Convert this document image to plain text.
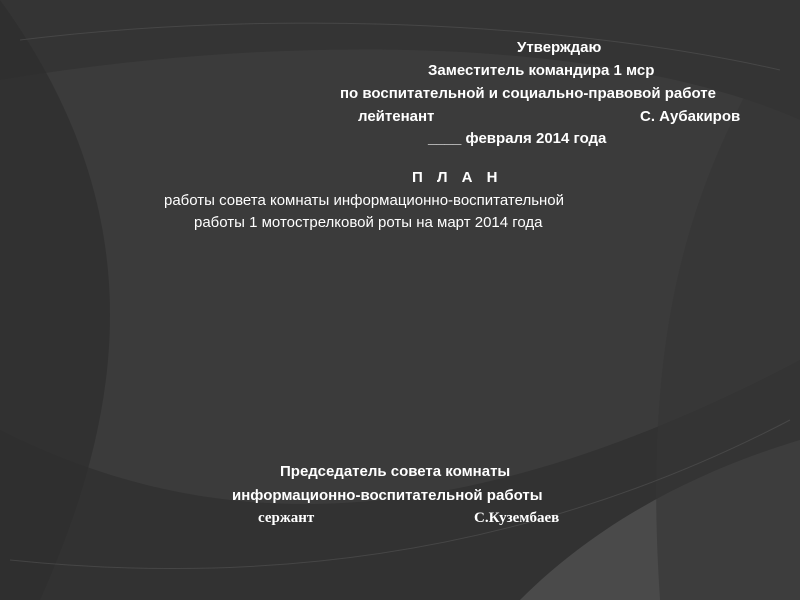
Утверждаю
Заместитель командира 1 мср
по воспитательной и социально-правовой работе
лейтенант	С. Аубакиров
____ февраля 2014 года
П Л А Н
работы совета комнаты информационно-воспитательной
работы 1 мотострелковой роты на март 2014 года
Председатель совета комнаты
информационно-воспитательной работы
сержант	С.Кузембаев
